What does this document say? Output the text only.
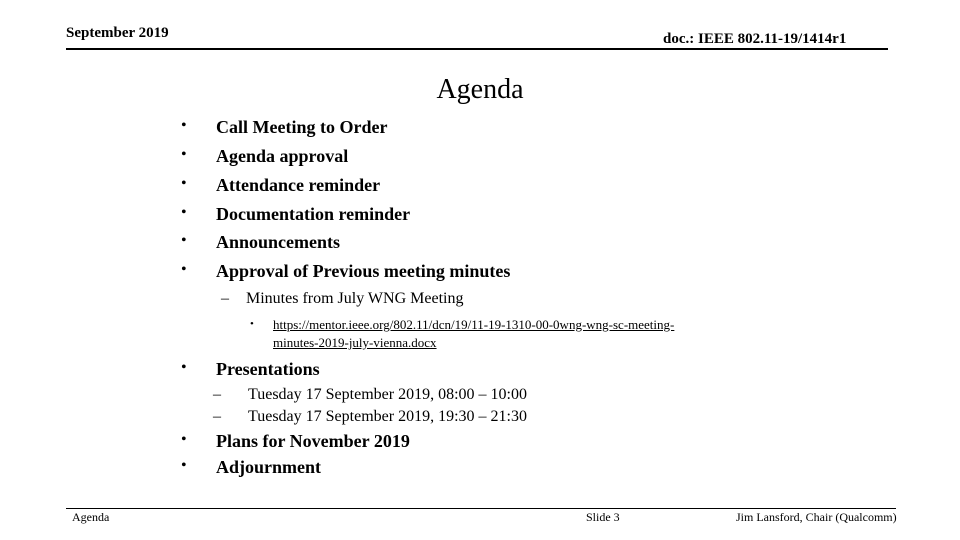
September 2019	doc.: IEEE 802.11-19/1414r1
Agenda
• Call Meeting to Order
• Agenda approval
• Attendance reminder
• Documentation reminder
• Announcements
• Approval of Previous meeting minutes
– Minutes from July WNG Meeting
• https://mentor.ieee.org/802.11/dcn/19/11-19-1310-00-0wng-wng-sc-meeting-
minutes-2019-july-vienna.docx
• Presentations
– Tuesday 17 September 2019, 08:00 – 10:00
– Tuesday 17 September 2019, 19:30 – 21:30
• Plans for November 2019
• Adjournment
Agenda	Slide 3	Jim Lansford, Chair (Qualcomm)
